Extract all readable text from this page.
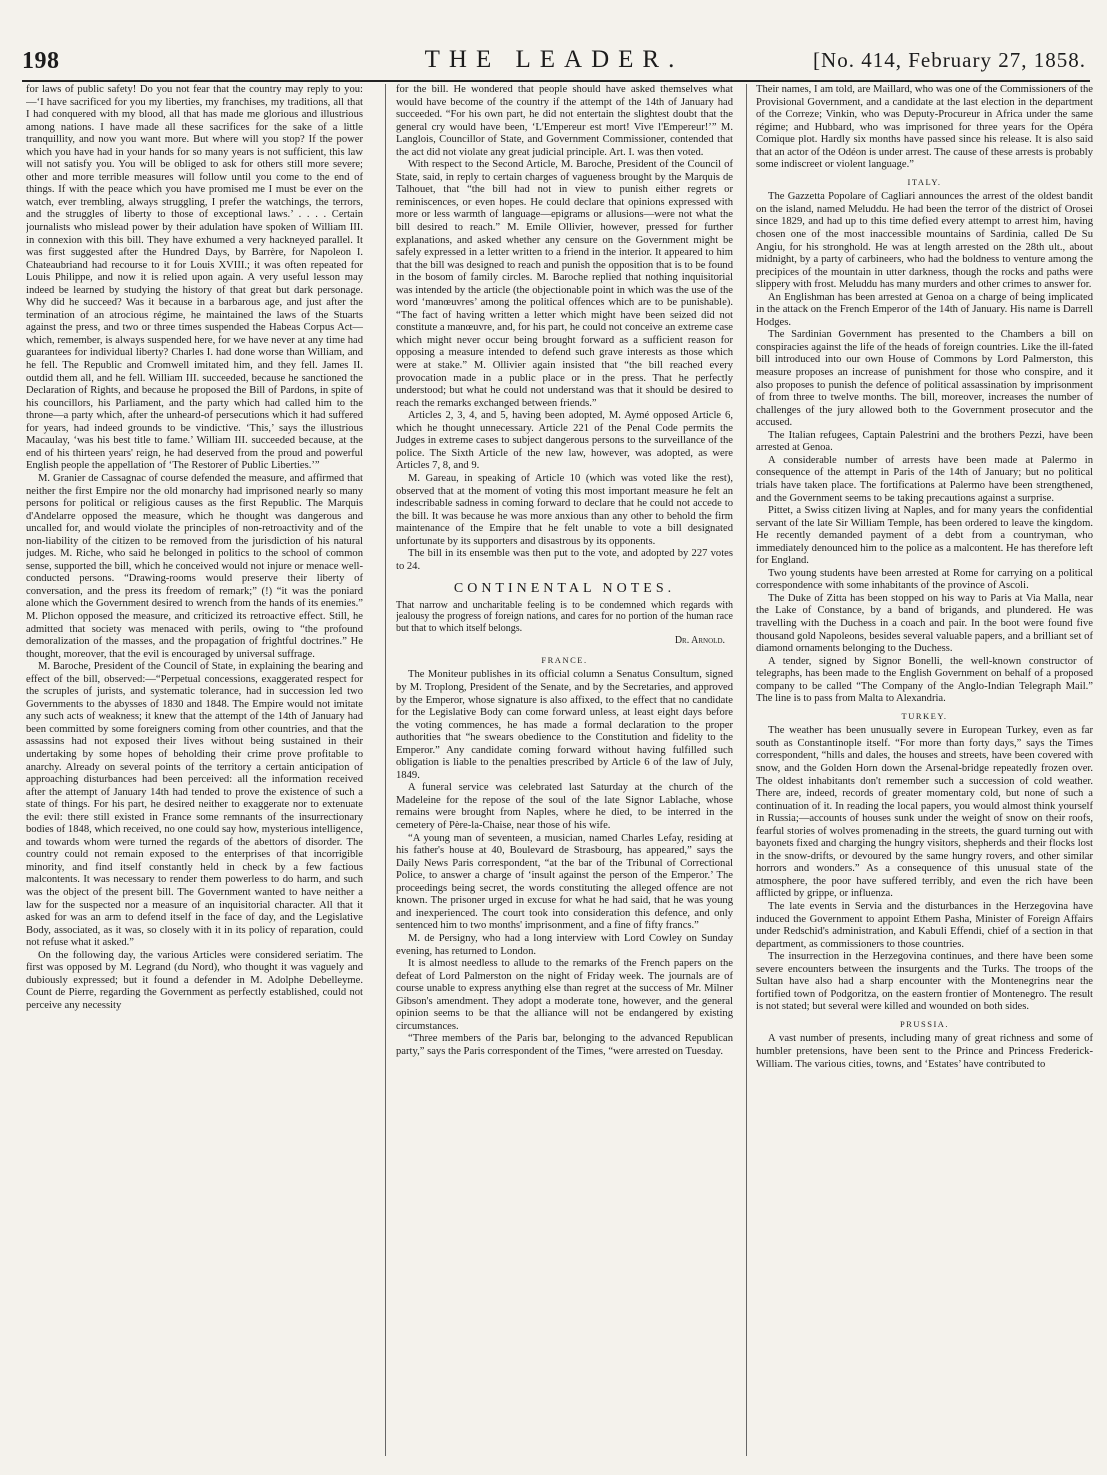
198	THE LEADER.	[No. 414, February 27, 1858.

for laws of public safety! Do you not fear that the country may reply to you:—‘I have sacrificed for you my liberties, my franchises, my traditions, all that I had conquered with my blood, all that has made me glorious and illustrious among nations. I have made all these sacrifices for the sake of a little tranquillity, and now you want more. But where will you stop? If the power which you have had in your hands for so many years is not sufficient, this law will not satisfy you. You will be obliged to ask for others still more severe; other and more terrible measures will follow until you come to the end of things. If with the peace which you have promised me I must be ever on the watch, ever trembling, always struggling, I prefer the watchings, the terrors, and the struggles of liberty to those of exceptional laws.’ . . . . Certain journalists who mislead power by their adulation have spoken of William III. in connexion with this bill. They have exhumed a very hackneyed parallel. It was first suggested after the Hundred Days, by Barrère, for Napoleon I. Chateaubriand had recourse to it for Louis XVIII.; it was often repeated for Louis Philippe, and now it is relied upon again. A very useful lesson may indeed be learned by studying the history of that great but dark personage. Why did he succeed? Was it because in a barbarous age, and just after the termination of an atrocious régime, he maintained the laws of the Stuarts against the press, and two or three times suspended the Habeas Corpus Act—which, remember, is always suspended here, for we have never at any time had guarantees for individual liberty? Charles I. had done worse than William, and he fell. The Republic and Cromwell imitated him, and they fell. James II. outdid them all, and he fell. William III. succeeded, because he sanctioned the Declaration of Rights, and because he proposed the Bill of Pardons, in spite of his councillors, his Parliament, and the party which had called him to the throne—a party which, after the unheard-of persecutions which it had suffered for years, had indeed grounds to be vindictive. ‘This,’ says the illustrious Macaulay, ‘was his best title to fame.’ William III. succeeded because, at the end of his thirteen years' reign, he had deserved from the proud and powerful English people the appellation of ‘The Restorer of Public Liberties.’”

M. Granier de Cassagnac of course defended the measure, and affirmed that neither the first Empire nor the old monarchy had imprisoned nearly so many persons for political or religious causes as the first Republic. The Marquis d'Andelarre opposed the measure, which he thought was dangerous and uncalled for, and would violate the principles of non-retroactivity and of the non-liability of the citizen to be removed from the jurisdiction of his natural judges. M. Riche, who said he belonged in politics to the school of common sense, supported the bill, which he conceived would not injure or menace well-conducted persons. “Drawing-rooms would preserve their liberty of conversation, and the press its freedom of remark;” (!) “it was the poniard alone which the Government desired to wrench from the hands of its enemies.” M. Plichon opposed the measure, and criticized its retroactive effect. Still, he admitted that society was menaced with perils, owing to “the profound demoralization of the masses, and the propagation of frightful doctrines.” He thought, moreover, that the evil is encouraged by universal suffrage.

M. Baroche, President of the Council of State, in explaining the bearing and effect of the bill, observed:—“Perpetual concessions, exaggerated respect for the scruples of jurists, and systematic tolerance, had in succession led two Governments to the abysses of 1830 and 1848. The Empire would not imitate any such acts of weakness; it knew that the attempt of the 14th of January had been committed by some foreigners coming from other countries, and that the assassins had not exposed their lives without being sustained in their undertaking by some hopes of beholding their crime prove profitable to anarchy. Already on several points of the territory a certain anticipation of approaching disturbances had been perceived: all the information received after the attempt of January 14th had tended to prove the existence of such a state of things. For his part, he desired neither to exaggerate nor to extenuate the evil: there still existed in France some remnants of the insurrectionary bodies of 1848, which received, no one could say how, mysterious intelligence, and towards whom were turned the regards of the abettors of disorder. The country could not remain exposed to the enterprises of that incorrigible minority, and find itself constantly held in check by a few factious malcontents. It was necessary to render them powerless to do harm, and such was the object of the present bill. The Government wanted to have neither a law for the suspected nor a measure of an inquisitorial character. All that it asked for was an arm to defend itself in the face of day, and the Legislative Body, associated, as it was, so closely with it in its policy of reparation, could not refuse what it asked.”

On the following day, the various Articles were considered seriatim. The first was opposed by M. Legrand (du Nord), who thought it was vaguely and dubiously expressed; but it found a defender in M. Adolphe Debelleyme. Count de Pierre, regarding the Government as perfectly established, could not perceive any necessity

for the bill. He wondered that people should have asked themselves what would have become of the country if the attempt of the 14th of January had succeeded. “For his own part, he did not entertain the slightest doubt that the general cry would have been, ‘L'Empereur est mort! Vive l'Empereur!’” M. Langlois, Councillor of State, and Government Commissioner, contended that the act did not violate any great judicial principle. Art. I. was then voted.

With respect to the Second Article, M. Baroche, President of the Council of State, said, in reply to certain charges of vagueness brought by the Marquis de Talhouet, that “the bill had not in view to punish either regrets or reminiscences, or even hopes. He could declare that opinions expressed with more or less warmth of language—epigrams or allusions—were not what the bill desired to reach.” M. Emile Ollivier, however, pressed for further explanations, and asked whether any censure on the Government might be safely expressed in a letter written to a friend in the interior. It appeared to him that the bill was designed to reach and punish the opposition that is to be found in the bosom of family circles. M. Baroche replied that nothing inquisitorial was intended by the article (the objectionable point in which was the use of the word ‘manœuvres’ among the political offences which are to be punishable). “The fact of having written a letter which might have been seized did not constitute a manœuvre, and, for his part, he could not conceive an extreme case which might never occur being brought forward as a sufficient reason for opposing a measure intended to defend such grave interests as those which were at stake.” M. Ollivier again insisted that “the bill reached every provocation made in a public place or in the press. That he perfectly understood; but what he could not understand was that it should be desired to reach the remarks exchanged between friends.”

Articles 2, 3, 4, and 5, having been adopted, M. Aymé opposed Article 6, which he thought unnecessary. Article 221 of the Penal Code permits the Judges in extreme cases to subject dangerous persons to the surveillance of the police. The Sixth Article of the new law, however, was adopted, as were Articles 7, 8, and 9.

M. Gareau, in speaking of Article 10 (which was voted like the rest), observed that at the moment of voting this most important measure he felt an indescribable sadness in coming forward to declare that he could not accede to the bill. It was because he was more anxious than any other to behold the firm maintenance of the Empire that he felt unable to vote a bill designated unfortunate by its supporters and disastrous by its opponents.

The bill in its ensemble was then put to the vote, and adopted by 227 votes to 24.

CONTINENTAL NOTES.

That narrow and uncharitable feeling is to be condemned which regards with jealousy the progress of foreign nations, and cares for no portion of the human race but that to which itself belongs.

Dr. Arnold.
FRANCE.

The Moniteur publishes in its official column a Senatus Consultum, signed by M. Troplong, President of the Senate, and by the Secretaries, and approved by the Emperor, whose signature is also affixed, to the effect that no candidate for the Legislative Body can come forward unless, at least eight days before the voting commences, he has made a formal declaration to the proper authorities that “he swears obedience to the Constitution and fidelity to the Emperor.” Any candidate coming forward without having fulfilled such obligation is liable to the penalties prescribed by Article 6 of the law of July, 1849.

A funeral service was celebrated last Saturday at the church of the Madeleine for the repose of the soul of the late Signor Lablache, whose remains were brought from Naples, where he died, to be interred in the cemetery of Père-la-Chaise, near those of his wife.

“A young man of seventeen, a musician, named Charles Lefay, residing at his father's house at 40, Boulevard de Strasbourg, has appeared,” says the Daily News Paris correspondent, “at the bar of the Tribunal of Correctional Police, to answer a charge of ‘insult against the person of the Emperor.’ The proceedings being secret, the words constituting the alleged offence are not known. The prisoner urged in excuse for what he had said, that he was young and inexperienced. The court took into consideration this defence, and only sentenced him to two months' imprisonment, and a fine of fifty francs.”

M. de Persigny, who had a long interview with Lord Cowley on Sunday evening, has returned to London.

It is almost needless to allude to the remarks of the French papers on the defeat of Lord Palmerston on the night of Friday week. The journals are of course unable to express anything else than regret at the success of Mr. Milner Gibson's amendment. They adopt a moderate tone, however, and the general opinion seems to be that the alliance will not be endangered by existing circumstances.

“Three members of the Paris bar, belonging to the advanced Republican party,” says the Paris correspondent of the Times, “were arrested on Tuesday.

Their names, I am told, are Maillard, who was one of the Commissioners of the Provisional Government, and a candidate at the last election in the department of the Correze; Vinkin, who was Deputy-Procureur in Africa under the same régime; and Hubbard, who was imprisoned for three years for the Opéra Comique plot. Hardly six months have passed since his release. It is also said that an actor of the Odéon is under arrest. The cause of these arrests is probably some indiscreet or violent language.”

ITALY.

The Gazzetta Popolare of Cagliari announces the arrest of the oldest bandit on the island, named Meluddu. He had been the terror of the district of Orosei since 1829, and had up to this time defied every attempt to arrest him, having chosen one of the most inaccessible mountains of Sardinia, called De Su Angiu, for his stronghold. He was at length arrested on the 28th ult., about midnight, by a party of carbineers, who had the boldness to venture among the precipices of the mountain in utter darkness, though the rocks and paths were slippery with frost. Meluddu has many murders and other crimes to answer for.

An Englishman has been arrested at Genoa on a charge of being implicated in the attack on the French Emperor of the 14th of January. His name is Darrell Hodges.

The Sardinian Government has presented to the Chambers a bill on conspiracies against the life of the heads of foreign countries. Like the ill-fated bill introduced into our own House of Commons by Lord Palmerston, this measure proposes an increase of punishment for those who conspire, and it also proposes to punish the defence of political assassination by imprisonment of from three to twelve months. The bill, moreover, increases the number of challenges of the jury allowed both to the Government prosecutor and the accused.

The Italian refugees, Captain Palestrini and the brothers Pezzi, have been arrested at Genoa.

A considerable number of arrests have been made at Palermo in consequence of the attempt in Paris of the 14th of January; but no political trials have taken place. The fortifications at Palermo have been strengthened, and the Government seems to be taking precautions against a surprise.

Pittet, a Swiss citizen living at Naples, and for many years the confidential servant of the late Sir William Temple, has been ordered to leave the kingdom. He recently demanded payment of a debt from a countryman, who immediately denounced him to the police as a malcontent. He has therefore left for England.

Two young students have been arrested at Rome for carrying on a political correspondence with some inhabitants of the province of Ascoli.

The Duke of Zitta has been stopped on his way to Paris at Via Malla, near the Lake of Constance, by a band of brigands, and plundered. He was travelling with the Duchess in a coach and pair. In the boot were found five thousand gold Napoleons, besides several valuable papers, and a brilliant set of diamond ornaments belonging to the Duchess.

A tender, signed by Signor Bonelli, the well-known constructor of telegraphs, has been made to the English Government on behalf of a proposed company to be called “The Company of the Anglo-Indian Telegraph Mail.” The line is to pass from Malta to Alexandria.

TURKEY.

The weather has been unusually severe in European Turkey, even as far south as Constantinople itself. “For more than forty days,” says the Times correspondent, “hills and dales, the houses and streets, have been covered with snow, and the Golden Horn down the Arsenal-bridge repeatedly frozen over. The oldest inhabitants don't remember such a succession of cold weather. There are, indeed, records of greater momentary cold, but none of such a continuation of it. In reading the local papers, you would almost think yourself in Russia;—accounts of houses sunk under the weight of snow on their roofs, fearful stories of wolves promenading in the streets, the guard turning out with bayonets fixed and charging the hungry visitors, shepherds and their flocks lost in the snow-drifts, or devoured by the same hungry rovers, and other similar horrors and wonders.” As a consequence of this unusual state of the atmosphere, the poor have suffered terribly, and even the rich have been afflicted by grippe, or influenza.

The late events in Servia and the disturbances in the Herzegovina have induced the Government to appoint Ethem Pasha, Minister of Foreign Affairs under Redschid's administration, and Kabuli Effendi, chief of a section in that department, as commissioners to those countries.

The insurrection in the Herzegovina continues, and there have been some severe encounters between the insurgents and the Turks. The troops of the Sultan have also had a sharp encounter with the Montenegrins near the fortified town of Podgoritza, on the eastern frontier of Montenegro. The result is not stated; but several were killed and wounded on both sides.

PRUSSIA.

A vast number of presents, including many of great richness and some of humbler pretensions, have been sent to the Prince and Princess Frederick-William. The various cities, towns, and ‘Estates’ have contributed to
